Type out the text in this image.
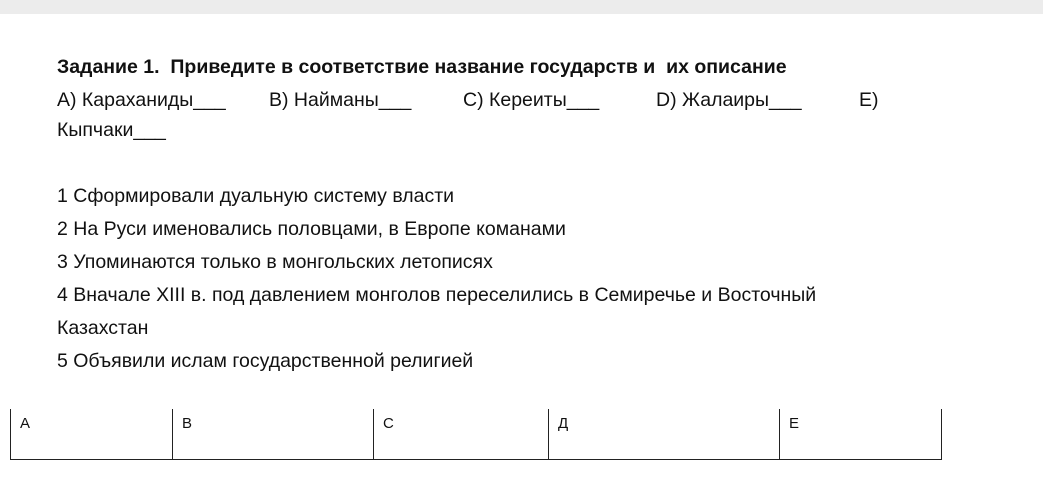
Задание 1.  Приведите в соответствие название государств и  их описание
A) Караханиды___ B) Найманы___	C) Кереиты___	D) Жалаиры___	E)
Кыпчаки___
1 Сформировали дуальную систему власти
2 На Руси именовались половцами, в Европе команами
3 Упоминаются только в монгольских летописях
4 Вначале XIII в. под давлением монголов переселились в Семиречье и Восточный
Казахстан
5 Объявили ислам государственной религией
A	B	C	Д	E
